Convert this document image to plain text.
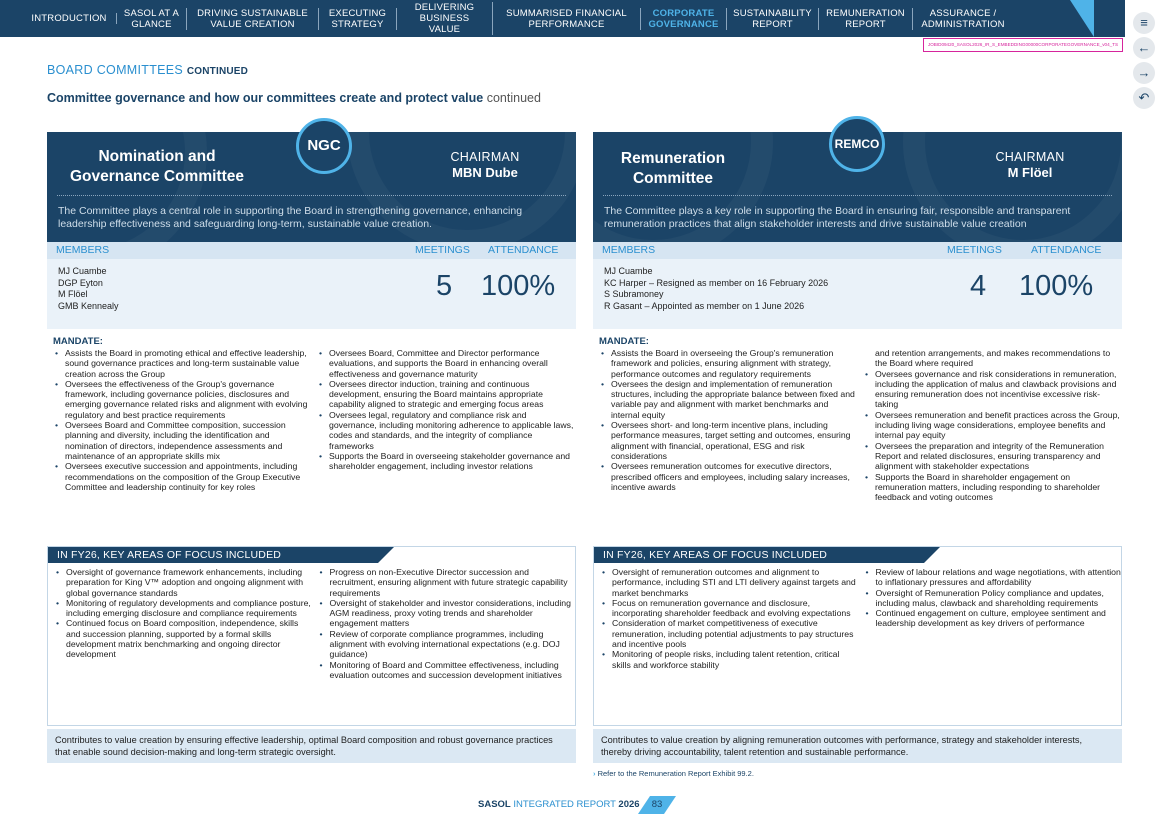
INTRODUCTION	SASOL AT A GLANCE
DRIVING SUSTAINABLE VALUE CREATION
EXECUTING STRATEGY
DELIVERING BUSINESS VALUE
SUMMARISED FINANCIAL PERFORMANCE
CORPORATE GOVERNANCE
SUSTAINABILITY REPORT
REMUNERATION REPORT
ASSURANCE / ADMINISTRATION	≡
←
→
↶
JOBID09420_SASOL2026_IR_S_EMBEDDING00000CORPORATEGOVERNANCE_v04_TS
BOARD COMMITTEES CONTINUED
Committee governance and how our committees create and protect value continued
Nomination and Governance Committee
CHAIRMAN
MBN Dube
The Committee plays a central role in supporting the Board in strengthening governance, enhancing leadership effectiveness and safeguarding long-term, sustainable value creation.
MEMBERS	MEETINGS ATTENDANCE
MJ Cuambe
DGP Eyton
M Flöel
GMB Kennealy
5 100%
MANDATE:
• Assists the Board in promoting ethical and effective leadership, sound governance practices and long-term sustainable value creation across the Group
• Oversees the effectiveness of the Group's governance framework, including governance policies, disclosures and emerging governance related risks and alignment with evolving regulatory and best practice requirements
• Oversees Board and Committee composition, succession planning and diversity, including the identification and nomination of directors, independence assessments and maintenance of an appropriate skills mix
• Oversees executive succession and appointments, including recommendations on the composition of the Group Executive Committee and leadership continuity for key roles
• Oversees Board, Committee and Director performance evaluations, and supports the Board in enhancing overall effectiveness and governance maturity
• Oversees director induction, training and continuous development, ensuring the Board maintains appropriate capability aligned to strategic and emerging focus areas
• Oversees legal, regulatory and compliance risk and governance, including monitoring adherence to applicable laws, codes and standards, and the integrity of compliance frameworks
• Supports the Board in overseeing stakeholder governance and shareholder engagement, including investor relations
NGC
IN FY26, KEY AREAS OF FOCUS INCLUDED
• Oversight of governance framework enhancements, including preparation for King V™ adoption and ongoing alignment with global governance standards
• Monitoring of regulatory developments and compliance posture, including emerging disclosure and compliance requirements
• Continued focus on Board composition, independence, skills and succession planning, supported by a formal skills development matrix benchmarking and ongoing director development
• Progress on non-Executive Director succession and recruitment, ensuring alignment with future strategic capability requirements
• Oversight of stakeholder and investor considerations, including AGM readiness, proxy voting trends and shareholder engagement matters
• Review of corporate compliance programmes, including alignment with evolving international expectations (e.g. DOJ guidance)
• Monitoring of Board and Committee effectiveness, including evaluation outcomes and succession development initiatives
Contributes to value creation by ensuring effective leadership, optimal Board composition and robust governance practices that enable sound decision-making and long-term strategic oversight.
Remuneration Committee
CHAIRMAN
M Flöel
The Committee plays a key role in supporting the Board in ensuring fair, responsible and transparent remuneration practices that align stakeholder interests and drive sustainable value creation
MEMBERS	MEETINGS	ATTENDANCE
MJ Cuambe
KC Harper – Resigned as member on 16 February 2026
S Subramoney
R Gasant – Appointed as member on 1 June 2026
4 100%
MANDATE:
• Assists the Board in overseeing the Group's remuneration framework and policies, ensuring alignment with strategy, performance outcomes and regulatory requirements
• Oversees the design and implementation of remuneration structures, including the appropriate balance between fixed and variable pay and alignment with market benchmarks and internal equity
• Oversees short- and long-term incentive plans, including performance measures, target setting and outcomes, ensuring alignment with financial, operational, ESG and risk considerations
• Oversees remuneration outcomes for executive directors, prescribed officers and employees, including salary increases, incentive awards
and retention arrangements, and makes recommendations to the Board where required
• Oversees governance and risk considerations in remuneration, including the application of malus and clawback provisions and ensuring remuneration does not incentivise excessive risk-taking
• Oversees remuneration and benefit practices across the Group, including living wage considerations, employee benefits and internal pay equity
• Oversees the preparation and integrity of the Remuneration Report and related disclosures, ensuring transparency and alignment with stakeholder expectations
• Supports the Board in shareholder engagement on remuneration matters, including responding to shareholder feedback and voting outcomes
REMCO
IN FY26, KEY AREAS OF FOCUS INCLUDED
• Oversight of remuneration outcomes and alignment to performance, including STI and LTI delivery against targets and market benchmarks
• Focus on remuneration governance and disclosure, incorporating shareholder feedback and evolving expectations
• Consideration of market competitiveness of executive remuneration, including potential adjustments to pay structures and incentive pools
• Monitoring of people risks, including talent retention, critical skills and workforce stability
• Review of labour relations and wage negotiations, with attention to inflationary pressures and affordability
• Oversight of Remuneration Policy compliance and updates, including malus, clawback and shareholding requirements
• Continued engagement on culture, employee sentiment and leadership development as key drivers of performance
Contributes to value creation by aligning remuneration outcomes with performance, strategy and stakeholder interests, thereby driving accountability, talent retention and sustainable performance.
› Refer to the Remuneration Report Exhibit 99.2.
SASOL INTEGRATED REPORT 2026	83
